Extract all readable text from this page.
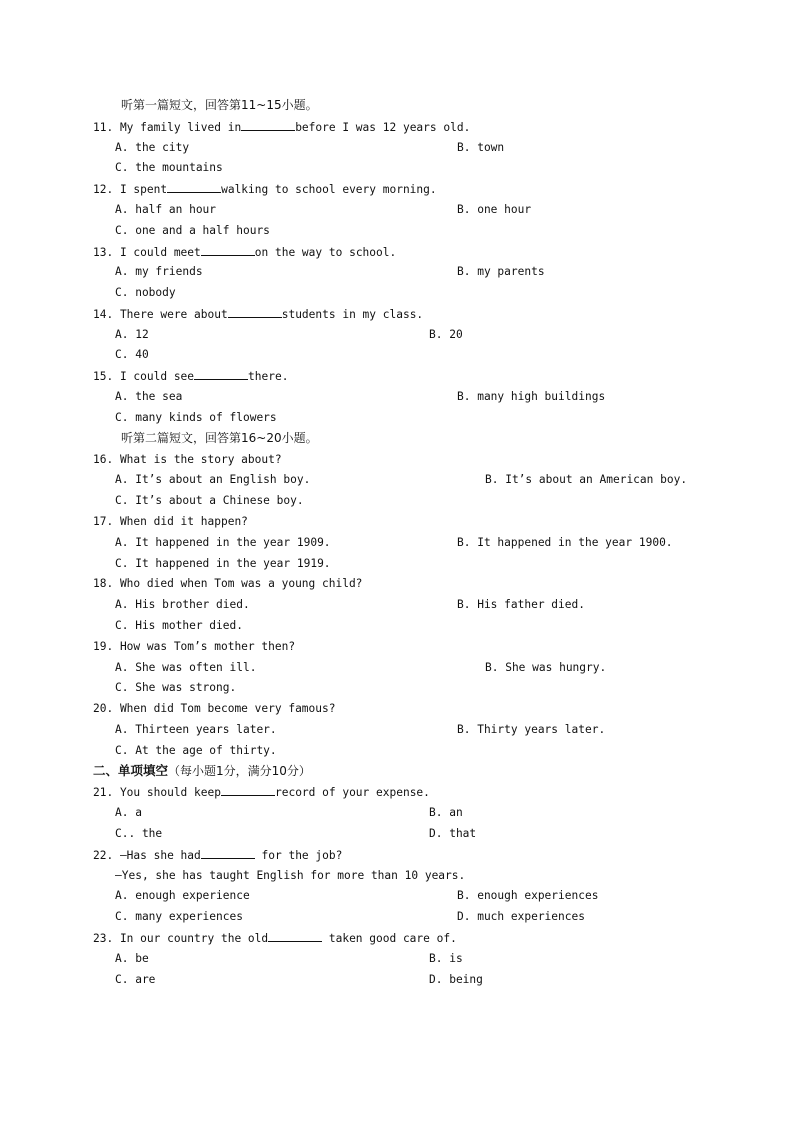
听第一篇短文，回答第11~15小题。
11. My family lived in	before I was 12 years old.
A. the city	B. town
C. the mountains
12. I spent	walking to school every morning.
A. half an hour	B. one hour
C. one and a half hours
13. I could meet	on the way to school.
A. my friends	B. my parents
C. nobody
14. There were about	students in my class.
A. 12	B. 20
C. 40
15. I could see	there.
A. the sea	B. many high buildings
C. many kinds of flowers
听第二篇短文，回答第16~20小题。
16. What is the story about?
A. It’s about an English boy.	B. It’s about an American boy.
C. It’s about a Chinese boy.
17. When did it happen?
A. It happened in the year 1909.	B. It happened in the year 1900.
C. It happened in the year 1919.
18. Who died when Tom was a young child?
A. His brother died.	B. His father died.
C. His mother died.
19. How was Tom’s mother then?
A. She was often ill.	B. She was hungry.
C. She was strong.
20. When did Tom become very famous?
A. Thirteen years later.	B. Thirty years later.
C. At the age of thirty.
二、单项填空（每小题1分，满分10分）
21. You should keep	record of your expense.
A. a	B. an
C.. the	D. that
22. —Has she had	for the job?
—Yes, she has taught English for more than 10 years.
A. enough experience	B. enough experiences
C. many experiences	D. much experiences
23. In our country the old	taken good care of.
A. be	B. is
C. are	D. being
